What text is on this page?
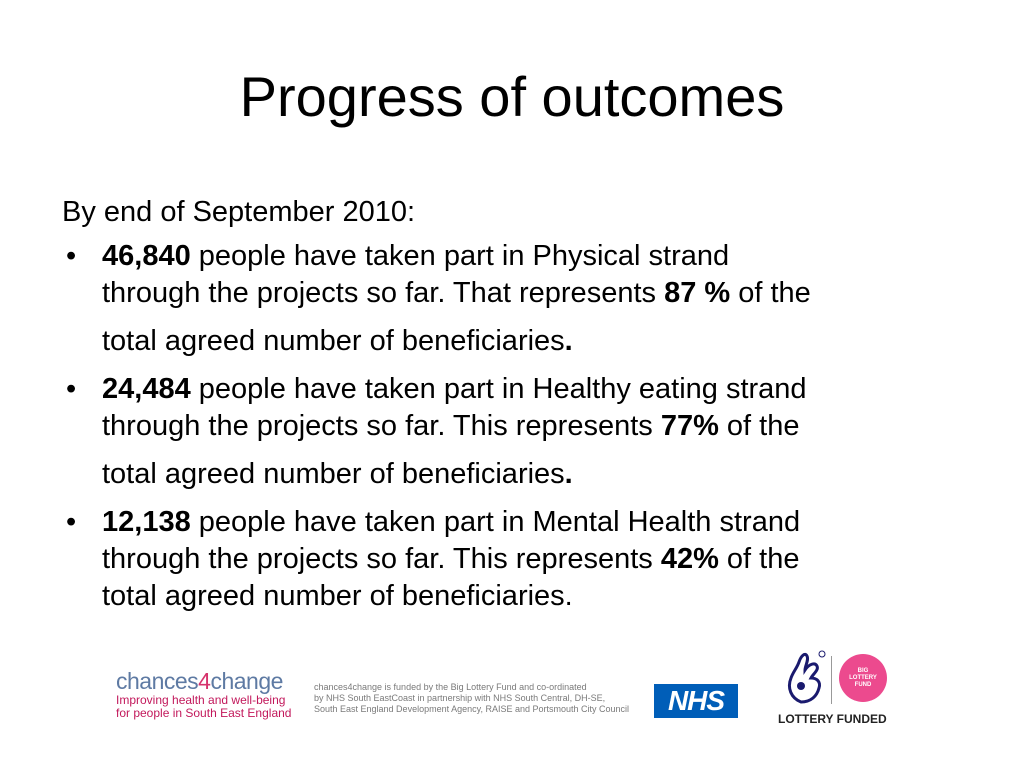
Progress of outcomes
By end of September 2010:
• 46,840 people have taken part in Physical strand
through the projects so far. That represents 87 % of the
total agreed number of beneficiaries.
• 24,484 people have taken part in Healthy eating strand
through the projects so far. This represents 77% of the
total agreed number of beneficiaries.
• 12,138 people have taken part in Mental Health strand
through the projects so far. This represents 42% of the
total agreed number of beneficiaries.
chances4change
Improving health and well-being
for people in South East England
chances4change is funded by the Big Lottery Fund and co-ordinated
by NHS South EastCoast in partnership with NHS South Central, DH-SE,
South East England Development Agency, RAISE and Portsmouth City Council	NHS
BIG
LOTTERY
FUND
LOTTERY FUNDED
